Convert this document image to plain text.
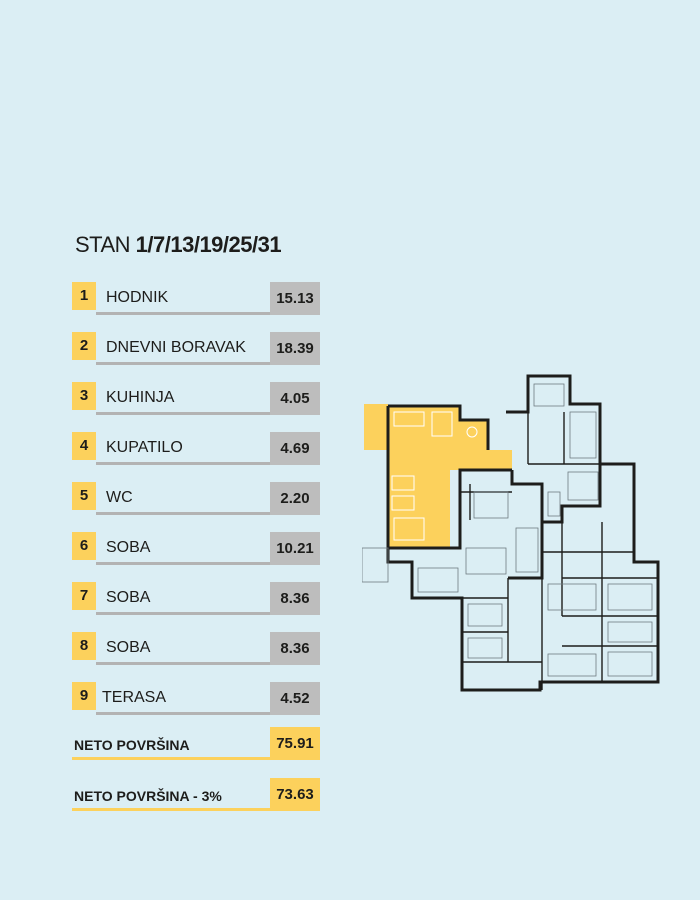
STAN 1/7/13/19/25/31
1	HODNIK	15.13
2	DNEVNI BORAVAK	18.39
3	KUHINJA	4.05
4	KUPATILO	4.69
5	WC	2.20
6	SOBA	10.21
7	SOBA	8.36
8	SOBA	8.36
9 TERASA	4.52
NETO POVRŠINA	75.91
NETO POVRŠINA - 3%	73.63
